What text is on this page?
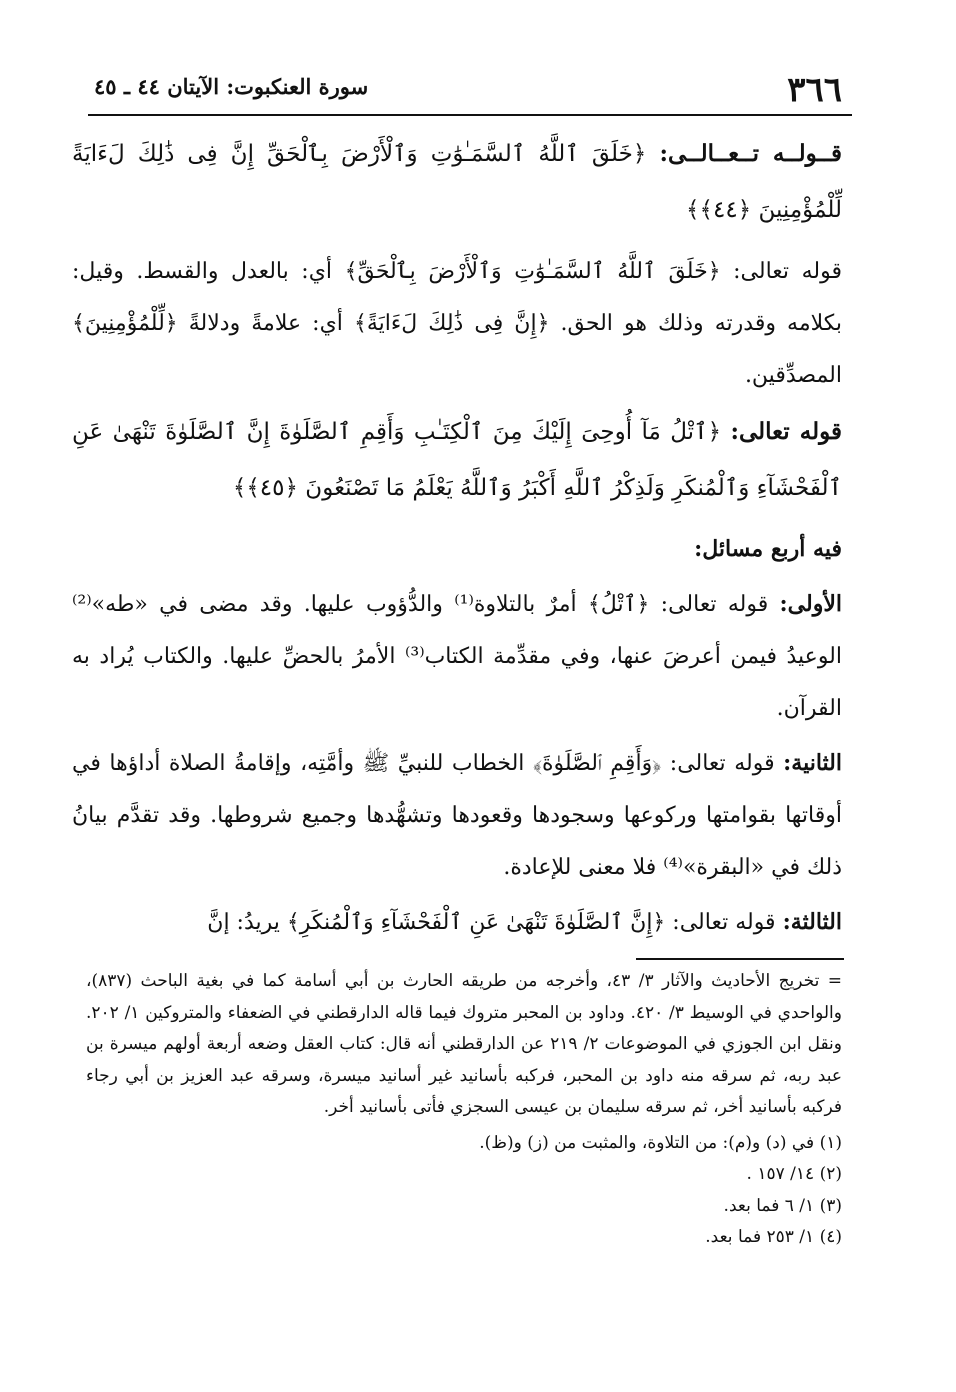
٣٦٦
سورة العنكبوت: الآيتان ٤٤ ـ ٤٥

قــولــه تــعــالــى: ﴿خَلَقَ ٱللَّهُ ٱلسَّمَـٰوَٰتِ وَٱلْأَرْضَ بِٱلْحَقِّ إِنَّ فِى ذَٰلِكَ لَءَايَةً لِّلْمُؤْمِنِينَ ﴿٤٤﴾﴾

قوله تعالى: ﴿خَلَقَ ٱللَّهُ ٱلسَّمَـٰوَٰتِ وَٱلْأَرْضَ بِٱلْحَقِّ﴾ أي: بالعدل والقسط. وقيل: بكلامه وقدرته وذلك هو الحق. ﴿إِنَّ فِى ذَٰلِكَ لَءَايَةً﴾ أي: علامةً ودلالةً ﴿لِّلْمُؤْمِنِينَ﴾ المصدِّقين.

قوله تعالى: ﴿ٱتْلُ مَآ أُوحِىَ إِلَيْكَ مِنَ ٱلْكِتَـٰبِ وَأَقِمِ ٱلصَّلَوٰةَ إِنَّ ٱلصَّلَوٰةَ تَنْهَىٰ عَنِ ٱلْفَحْشَآءِ وَٱلْمُنكَرِ وَلَذِكْرُ ٱللَّهِ أَكْبَرُ وَٱللَّهُ يَعْلَمُ مَا تَصْنَعُونَ ﴿٤٥﴾﴾

فيه أربع مسائل:

الأولى: قوله تعالى: ﴿ٱتْلُ﴾ أمرٌ بالتلاوة⁽¹⁾ والدُّؤوب عليها. وقد مضى في «طه»⁽²⁾ الوعيدُ فيمن أعرضَ عنها، وفي مقدِّمة الكتاب⁽³⁾ الأمرُ بالحضِّ عليها. والكتاب يُراد به القرآن.

الثانية: قوله تعالى: ﴿وَأَقِمِ ٱلصَّلَوٰةَ﴾ الخطاب للنبيِّ ﷺ وأمَّتِه، وإقامةُ الصلاة أداؤها في أوقاتها بقوامتها وركوعها وسجودها وقعودها وتشهُّدها وجميع شروطها. وقد تقدَّم بيانُ ذلك في «البقرة»⁽⁴⁾ فلا معنى للإعادة.

الثالثة: قوله تعالى: ﴿إِنَّ ٱلصَّلَوٰةَ تَنْهَىٰ عَنِ ٱلْفَحْشَآءِ وَٱلْمُنكَرِ﴾ يريدُ: إنَّ

= تخريج الأحاديث والآثار ٣/ ٤٣، وأخرجه من طريقه الحارث بن أبي أسامة كما في بغية الباحث (٨٣٧)، والواحدي في الوسيط ٣/ ٤٢٠. وداود بن المحبر متروك فيما قاله الدارقطني في الضعفاء والمتروكين ١/ ٢٠٢. ونقل ابن الجوزي في الموضوعات ٢/ ٢١٩ عن الدارقطني أنه قال: كتاب العقل وضعه أربعة أولهم ميسرة بن عبد ربه، ثم سرقه منه داود بن المحبر، فركبه بأسانيد غير أسانيد ميسرة، وسرقه عبد العزيز بن أبي رجاء فركبه بأسانيد أخر، ثم سرقه سليمان بن عيسى السجزي فأتى بأسانيد أخر.

(١) في (د) و(م): من التلاوة، والمثبت من (ز) و(ظ).

(٢) ١٤/ ١٥٧ .

(٣) ١/ ٦ فما بعد.

(٤) ١/ ٢٥٣ فما بعد.
